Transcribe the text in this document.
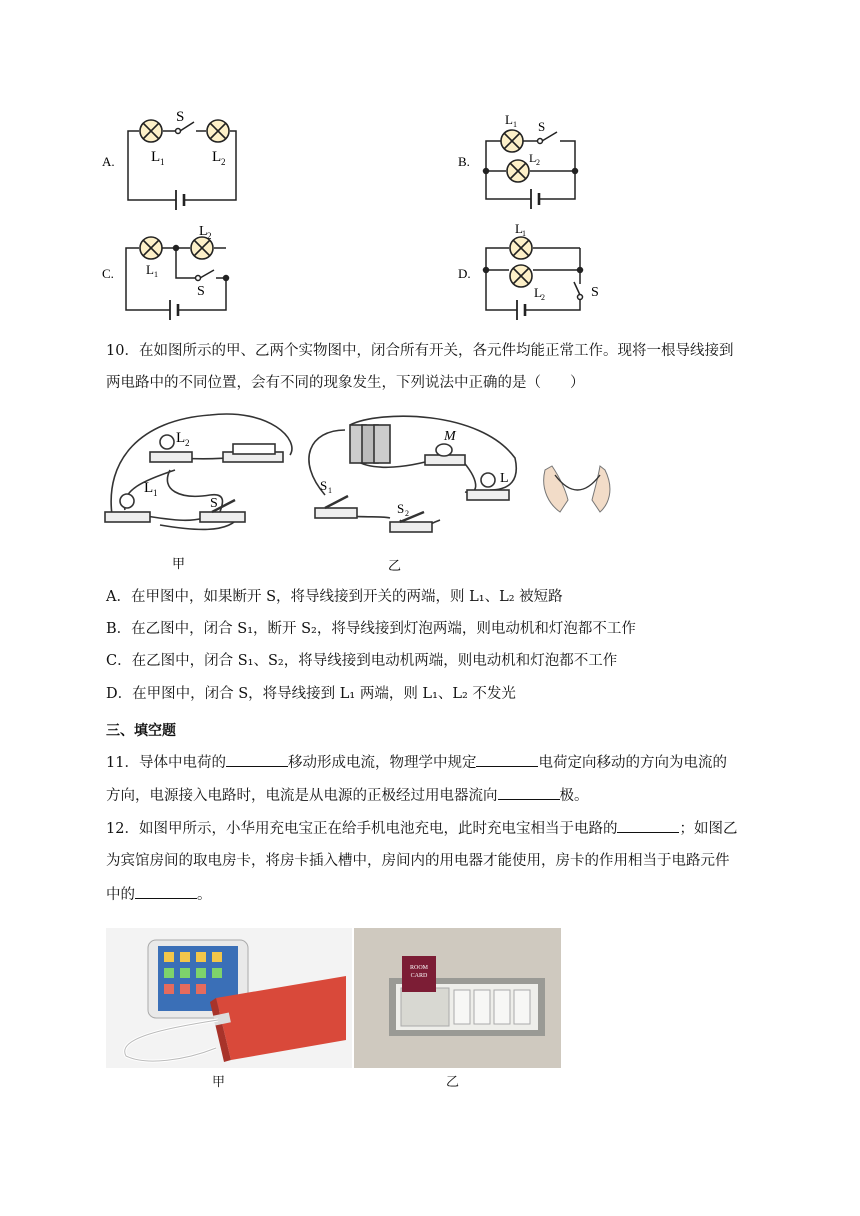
A.
S
L 1	L 2	B.
L 1 S
L 2
C. L 1
L 2
S
D.
L 1
L 2	S
10．在如图所示的甲、乙两个实物图中，闭合所有开关，各元件均能正常工作。现将一根导线接到
两电路中的不同位置，会有不同的现象发生，下列说法中正确的是（　　）
L 1
L 2
S
M
L
S 1
S 2
甲	乙
A．在甲图中，如果断开 S，将导线接到开关的两端，则 L₁、L₂ 被短路
B．在乙图中，闭合 S₁，断开 S₂，将导线接到灯泡两端，则电动机和灯泡都不工作
C．在乙图中，闭合 S₁、S₂，将导线接到电动机两端，则电动机和灯泡都不工作
D．在甲图中，闭合 S，将导线接到 L₁ 两端，则 L₁、L₂ 不发光
三、填空题
11．导体中电荷的	移动形成电流，物理学中规定	电荷定向移动的方向为电流的
方向，电源接入电路时，电流是从电源的正极经过用电器流向	极。
12．如图甲所示，小华用充电宝正在给手机电池充电，此时充电宝相当于电路的	；如图乙
为宾馆房间的取电房卡，将房卡插入槽中，房间内的用电器才能使用，房卡的作用相当于电路元件
中的	。
ROOM
CARD
甲	乙
